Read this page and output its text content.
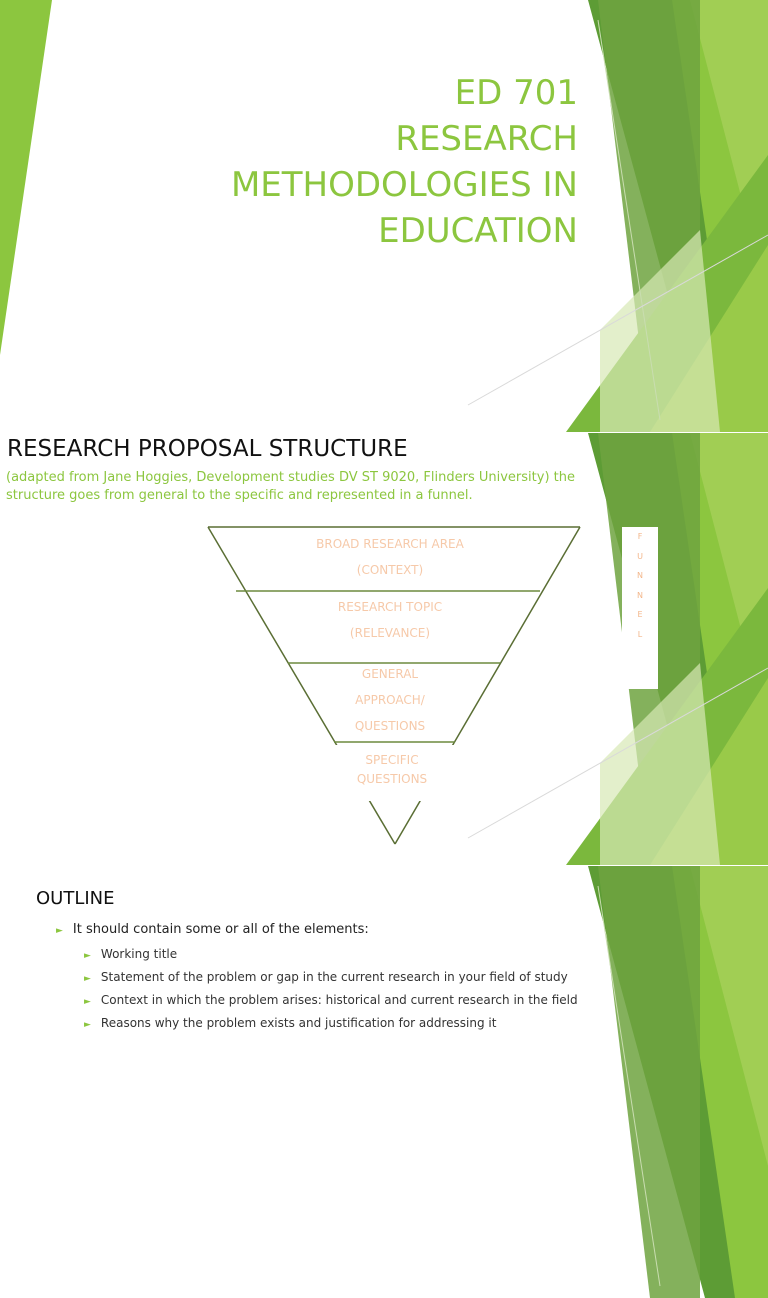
ED 701
RESEARCH
METHODOLOGIES IN
EDUCATION
RESEARCH PROPOSAL STRUCTURE
(adapted from Jane Hoggies, Development studies DV ST 9020, Flinders University) the structure goes from general to the specific and represented in a funnel.
BROAD RESEARCH AREA
(CONTEXT)
RESEARCH TOPIC
(RELEVANCE)
GENERAL
APPROACH/
QUESTIONS
SPECIFIC
QUESTIONS
F
U
N
N
E
L
OUTLINE
► It should contain some or all of the elements:
► Working title
► Statement of the problem or gap in the current research in your field of study
► Context in which the problem arises: historical and current research in the field
► Reasons why the problem exists and justification for addressing it
